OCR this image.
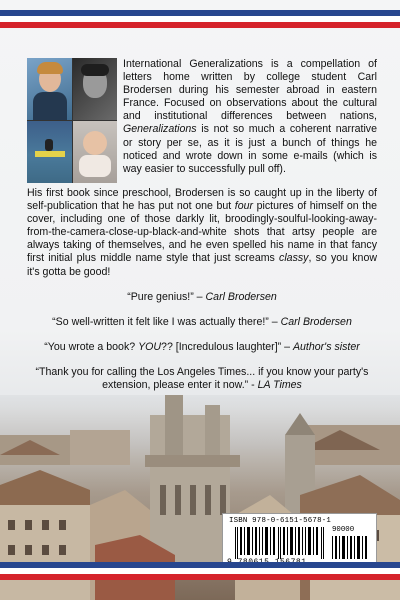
International Generalizations is a compellation of letters home written by college student Carl Brodersen during his semester abroad in eastern France. Focused on observations about the cultural and institutional differences between nations, Generalizations is not so much a coherent narrative or story per se, as it is just a bunch of things he noticed and wrote down in some e-mails (which is way easier to successfully pull off).

His first book since preschool, Brodersen is so caught up in the liberty of self-publication that he has put not one but four pictures of himself on the cover, including one of those darkly lit, broodingly-soulful-looking-away-from-the-camera-close-up-black-and-white shots that artsy people are always taking of themselves, and he even spelled his name in that fancy first initial plus middle name style that just screams classy, so you know it's gotta be good!

“Pure genius!” – Carl Brodersen

“So well-written it felt like I was actually there!” – Carl Brodersen

“You wrote a book? YOU?? [Incredulous laughter]” – Author's sister

“Thank you for calling the Los Angeles Times... if you know your party's extension, please enter it now.” - LA Times

ISBN 978-0-6151-5678-1
90000
